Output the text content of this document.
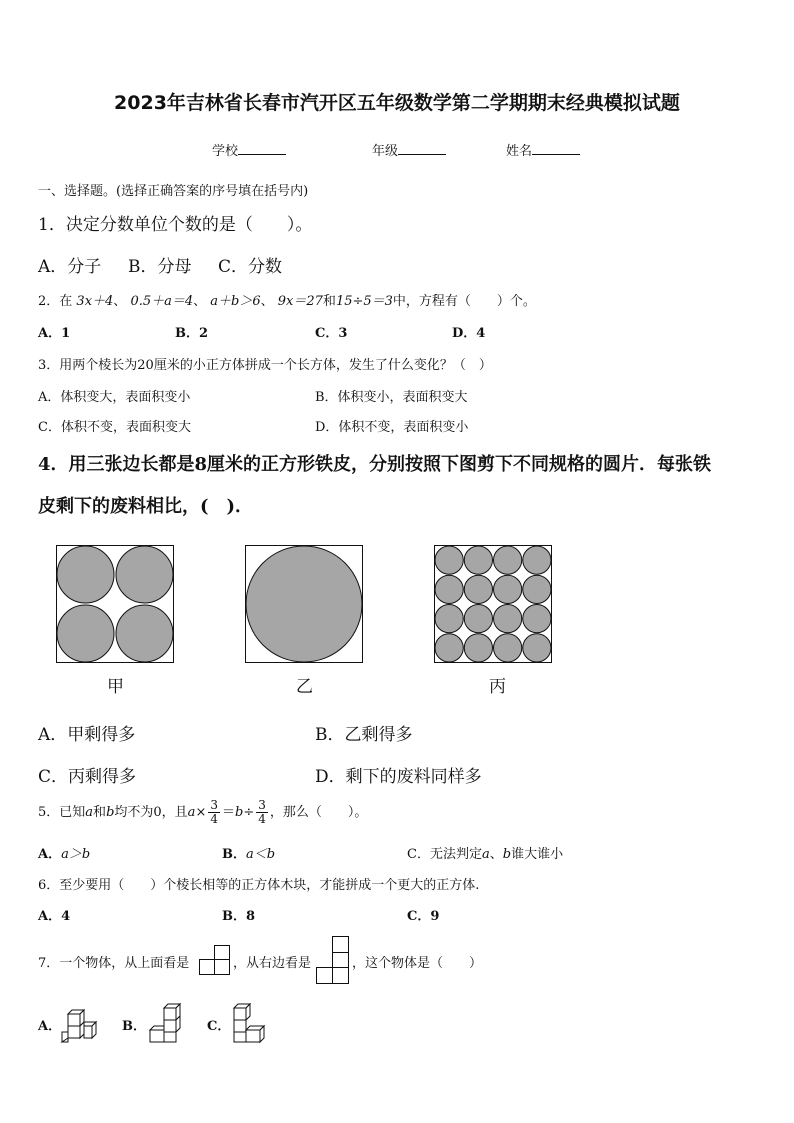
2023年吉林省长春市汽开区五年级数学第二学期期末经典模拟试题
学校	年级	姓名
一、选择题。(选择正确答案的序号填在括号内)
1．决定分数单位个数的是（　　）。
A．分子 B．分母 C．分数
2．在 3x＋4、 0.5＋a＝4、 a＋b＞6、 9x＝27和15÷5＝3中，方程有（　　）个。
A．1	B．2	C．3	D．4
3．用两个棱长为20厘米的小正方体拼成一个长方体，发生了什么变化？（　）
A．体积变大，表面积变小	B．体积变小，表面积变大
C．体积不变，表面积变大	D．体积不变，表面积变小
4．用三张边长都是8厘米的正方形铁皮，分别按照下图剪下不同规格的圆片．每张铁
皮剩下的废料相比，(　)．
甲	乙	丙
A．甲剩得多	B．乙剩得多
C．丙剩得多	D．剩下的废料同样多
5．已知a和b均不为0，且$a\times \frac{3}{4} =b\div \frac{3}{4}$ ，那么（　　）。
A．a＞b	B．a＜b	C．无法判定a、b谁大谁小
6．至少要用（　　）个棱长相等的正方体木块，才能拼成一个更大的正方体.
A．4	B．8	C．9
7．一个物体，从上面看是	，从右边看是	，这个物体是（　　）
A．	B．	C．
